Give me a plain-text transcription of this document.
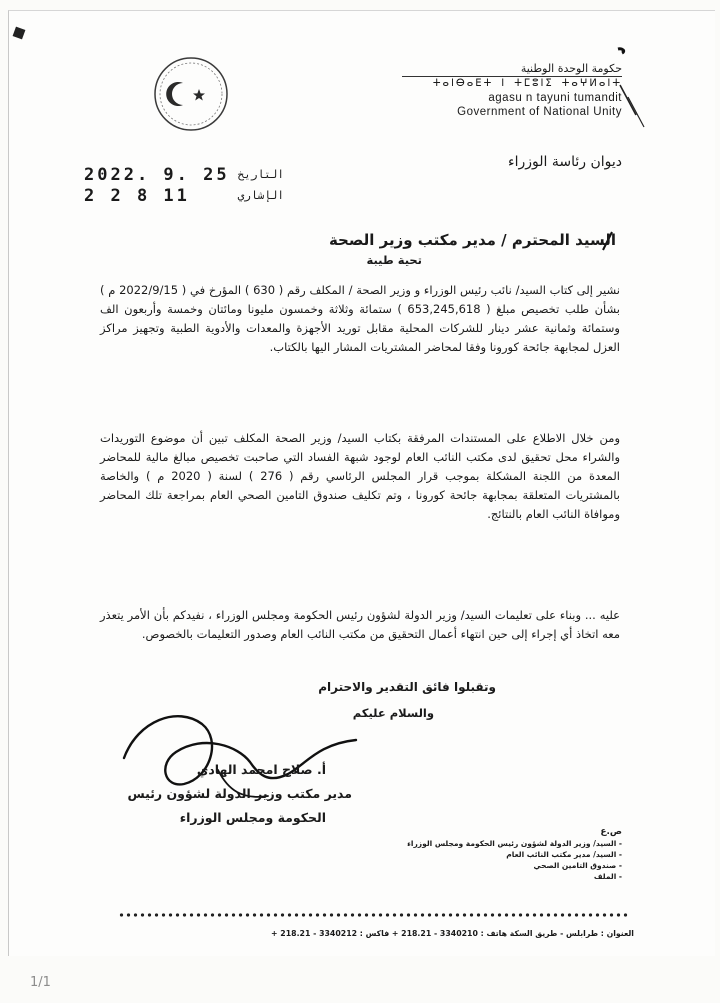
حكومة الوحدة الوطنية
ⵜⴰⵏⴱⴰⴹⵜ ⵏ ⵜⵎⵓⵏⵉ ⵜⴰⵖⵍⴰⵏⵜ
agasu n tayuni tumandit
Government of National Unity
ديوان رئاسة الوزراء
2022. 9. 25 التاريخ
2 2 8 11	الإشاري
السيد المحترم / مدير مكتب وزير الصحة
تحية طيبة
نشير إلى كتاب السيد/ نائب رئيس الوزراء و وزير الصحة / المكلف رقم ( 630 ) المؤرخ في ( 2022/9/15 م ) بشأن طلب تخصيص مبلغ ( 653,245,618 ) ستمائة وثلاثة وخمسون مليونا ومائتان وخمسة وأربعون الف وستمائة وثمانية عشر دينار للشركات المحلية مقابل توريد الأجهزة والمعدات والأدوية الطبية وتجهيز مراكز العزل لمجابهة جائحة كورونا وفقا لمحاضر المشتريات المشار اليها بالكتاب.
ومن خلال الاطلاع على المستندات المرفقة بكتاب السيد/ وزير الصحة المكلف تبين أن موضوع التوريدات والشراء محل تحقيق لدى مكتب النائب العام لوجود شبهة الفساد التي صاحبت تخصيص مبالغ مالية للمحاضر المعدة من اللجنة المشكلة بموجب قرار المجلس الرئاسي رقم ( 276 ) لسنة ( 2020 م ) والخاصة بالمشتريات المتعلقة بمجابهة جائحة كورونا ، وتم تكليف صندوق التامين الصحي العام بمراجعة تلك المحاضر وموافاة النائب العام بالنتائج.
عليه ... وبناء على تعليمات السيد/ وزير الدولة لشؤون رئيس الحكومة ومجلس الوزراء ، نفيدكم بأن الأمر يتعذر معه اتخاذ أي إجراء إلى حين انتهاء أعمال التحقيق من مكتب النائب العام وصدور التعليمات بالخصوص.
وتقبلوا فائق التقدير والاحترام
والسلام عليكم
أ. صلاح امحمد الهادي
مدير مكتب وزير الدولة لشؤون رئيس
الحكومة ومجلس الوزراء
ص.ع
- السيد/ وزير الدولة لشؤون رئيس الحكومة ومجلس الوزراء
- السيد/ مدير مكتب النائب العام
- صندوق التامين الصحي
- الملف
العنوان : طرابلس - طريق السكة هاتف : 3340210 - 218.21 + فاكس : 3340212 - 218.21 +
1/1
